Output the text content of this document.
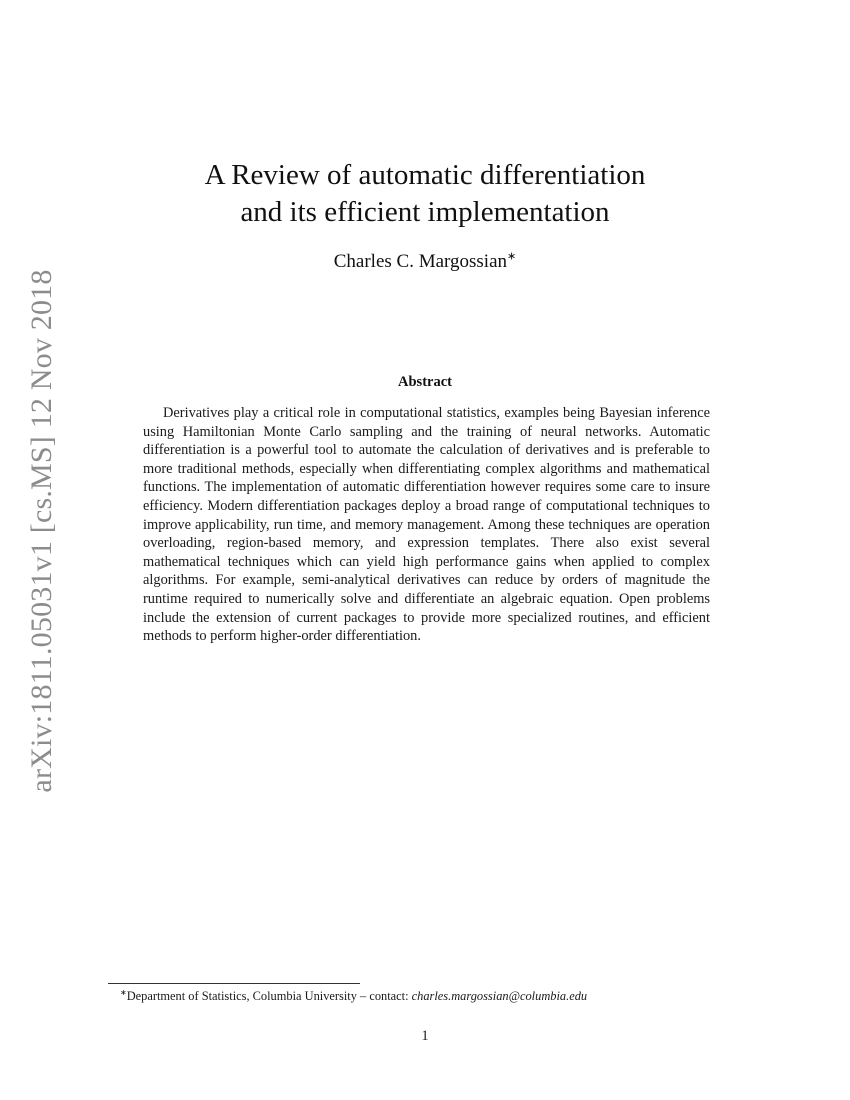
arXiv:1811.05031v1 [cs.MS] 12 Nov 2018
A Review of automatic differentiation
and its efficient implementation
Charles C. Margossian∗
Abstract

Derivatives play a critical role in computational statistics, examples being Bayesian inference using Hamiltonian Monte Carlo sampling and the training of neural networks. Automatic differentiation is a powerful tool to automate the calculation of derivatives and is preferable to more traditional methods, especially when differentiating complex algorithms and mathematical functions. The implementation of automatic differentiation however requires some care to insure efficiency. Modern differentiation packages deploy a broad range of computational techniques to improve applicability, run time, and memory management. Among these techniques are operation overloading, region-based memory, and expression templates. There also exist several mathematical techniques which can yield high performance gains when applied to complex algorithms. For example, semi-analytical derivatives can reduce by orders of magnitude the runtime required to numerically solve and differentiate an algebraic equation. Open problems include the extension of current packages to provide more specialized routines, and efficient methods to perform higher-order differentiation.

∗Department of Statistics, Columbia University – contact: charles.margossian@columbia.edu
1
